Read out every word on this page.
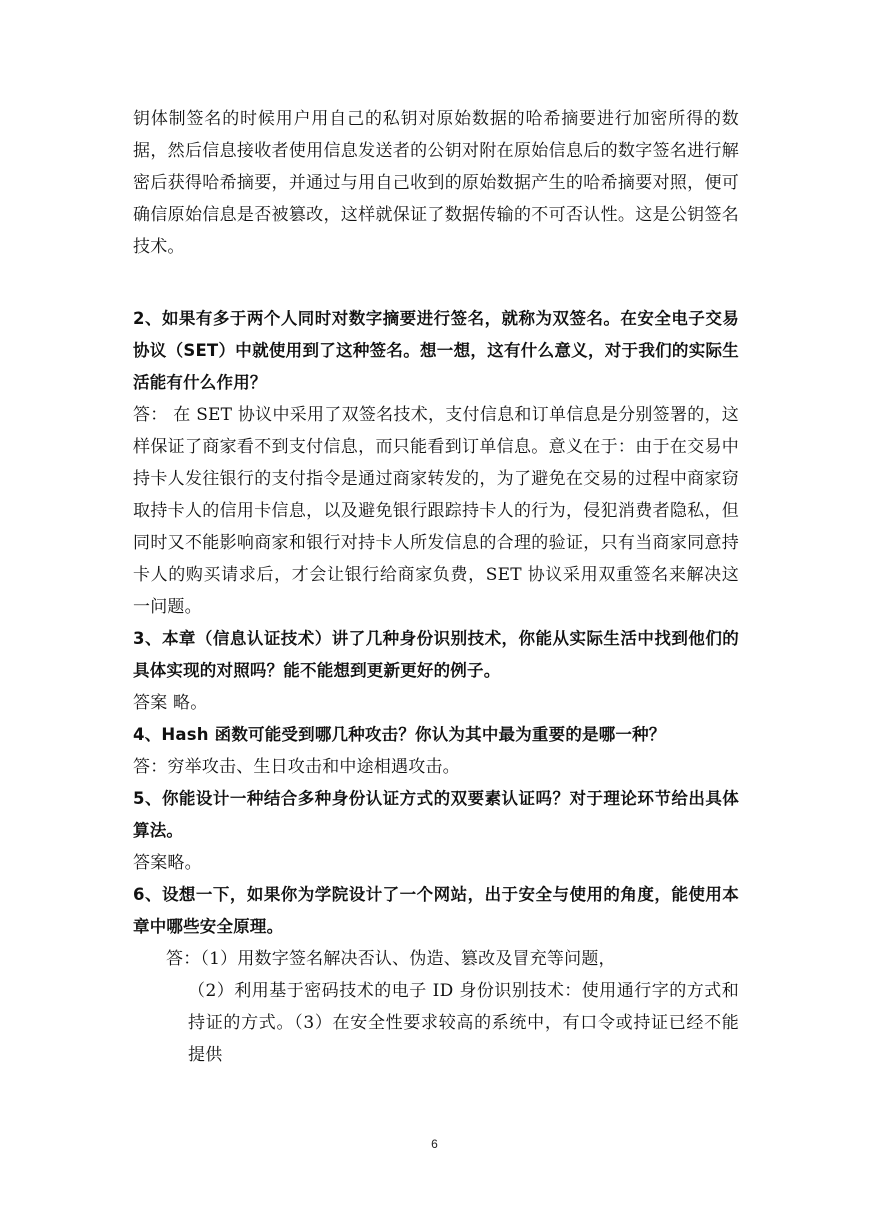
钥体制签名的时候用户用自己的私钥对原始数据的哈希摘要进行加密所得的数据，然后信息接收者使用信息发送者的公钥对附在原始信息后的数字签名进行解密后获得哈希摘要，并通过与用自己收到的原始数据产生的哈希摘要对照，便可确信原始信息是否被篡改，这样就保证了数据传输的不可否认性。这是公钥签名技术。

2、如果有多于两个人同时对数字摘要进行签名，就称为双签名。在安全电子交易协议（SET）中就使用到了这种签名。想一想，这有什么意义，对于我们的实际生活能有什么作用？

答： 在 SET 协议中采用了双签名技术，支付信息和订单信息是分别签署的，这样保证了商家看不到支付信息，而只能看到订单信息。意义在于：由于在交易中持卡人发往银行的支付指令是通过商家转发的，为了避免在交易的过程中商家窃取持卡人的信用卡信息，以及避免银行跟踪持卡人的行为，侵犯消费者隐私，但同时又不能影响商家和银行对持卡人所发信息的合理的验证，只有当商家同意持卡人的购买请求后，才会让银行给商家负费，SET 协议采用双重签名来解决这一问题。

3、本章（信息认证技术）讲了几种身份识别技术，你能从实际生活中找到他们的具体实现的对照吗？能不能想到更新更好的例子。

答案 略。

4、Hash 函数可能受到哪几种攻击？你认为其中最为重要的是哪一种？

答：穷举攻击、生日攻击和中途相遇攻击。

5、你能设计一种结合多种身份认证方式的双要素认证吗？对于理论环节给出具体算法。

答案略。

6、设想一下，如果你为学院设计了一个网站，出于安全与使用的角度，能使用本章中哪些安全原理。

答：（1）用数字签名解决否认、伪造、篡改及冒充等问题，

（2）利用基于密码技术的电子 ID 身份识别技术：使用通行字的方式和持证的方式。（3）在安全性要求较高的系统中，有口令或持证已经不能提供

6
